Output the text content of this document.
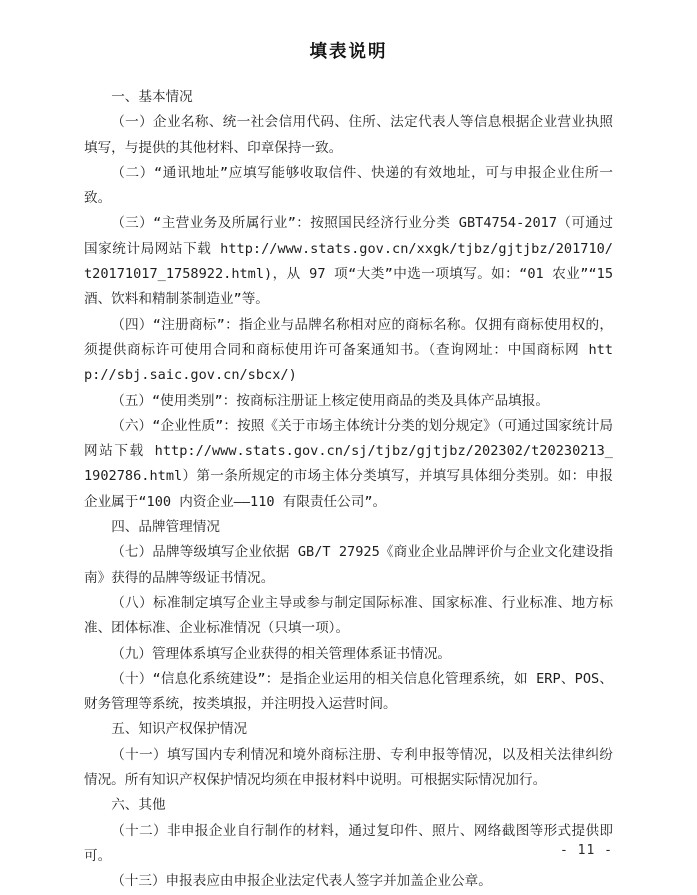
填表说明

一、基本情况

（一）企业名称、统一社会信用代码、住所、法定代表人等信息根据企业营业执照填写，与提供的其他材料、印章保持一致。

（二）“通讯地址”应填写能够收取信件、快递的有效地址，可与申报企业住所一致。

（三）“主营业务及所属行业”：按照国民经济行业分类 GBT4754-2017（可通过国家统计局网站下载 http://www.stats.gov.cn/xxgk/tjbz/gjtjbz/201710/t20171017_1758922.html)，从 97 项“大类”中选一项填写。如：“01 农业”“15 酒、饮料和精制茶制造业”等。

（四）“注册商标”：指企业与品牌名称相对应的商标名称。仅拥有商标使用权的，须提供商标许可使用合同和商标使用许可备案通知书。（查询网址：中国商标网 http://sbj.saic.gov.cn/sbcx/)

（五）“使用类别”：按商标注册证上核定使用商品的类及具体产品填报。

（六）“企业性质”：按照《关于市场主体统计分类的划分规定》（可通过国家统计局网站下载 http://www.stats.gov.cn/sj/tjbz/gjtjbz/202302/t20230213_1902786.html）第一条所规定的市场主体分类填写，并填写具体细分类别。如：申报企业属于“100 内资企业——110 有限责任公司”。

四、品牌管理情况

（七）品牌等级填写企业依据 GB/T 27925《商业企业品牌评价与企业文化建设指南》获得的品牌等级证书情况。

（八）标准制定填写企业主导或参与制定国际标准、国家标准、行业标准、地方标准、团体标准、企业标准情况（只填一项）。

（九）管理体系填写企业获得的相关管理体系证书情况。

（十）“信息化系统建设”：是指企业运用的相关信息化管理系统，如 ERP、POS、财务管理等系统，按类填报，并注明投入运营时间。

五、知识产权保护情况

（十一）填写国内专利情况和境外商标注册、专利申报等情况，以及相关法律纠纷情况。所有知识产权保护情况均须在申报材料中说明。可根据实际情况加行。

六、其他

（十二）非申报企业自行制作的材料，通过复印件、照片、网络截图等形式提供即可。

（十三）申报表应由申报企业法定代表人签字并加盖企业公章。

- 11 -
